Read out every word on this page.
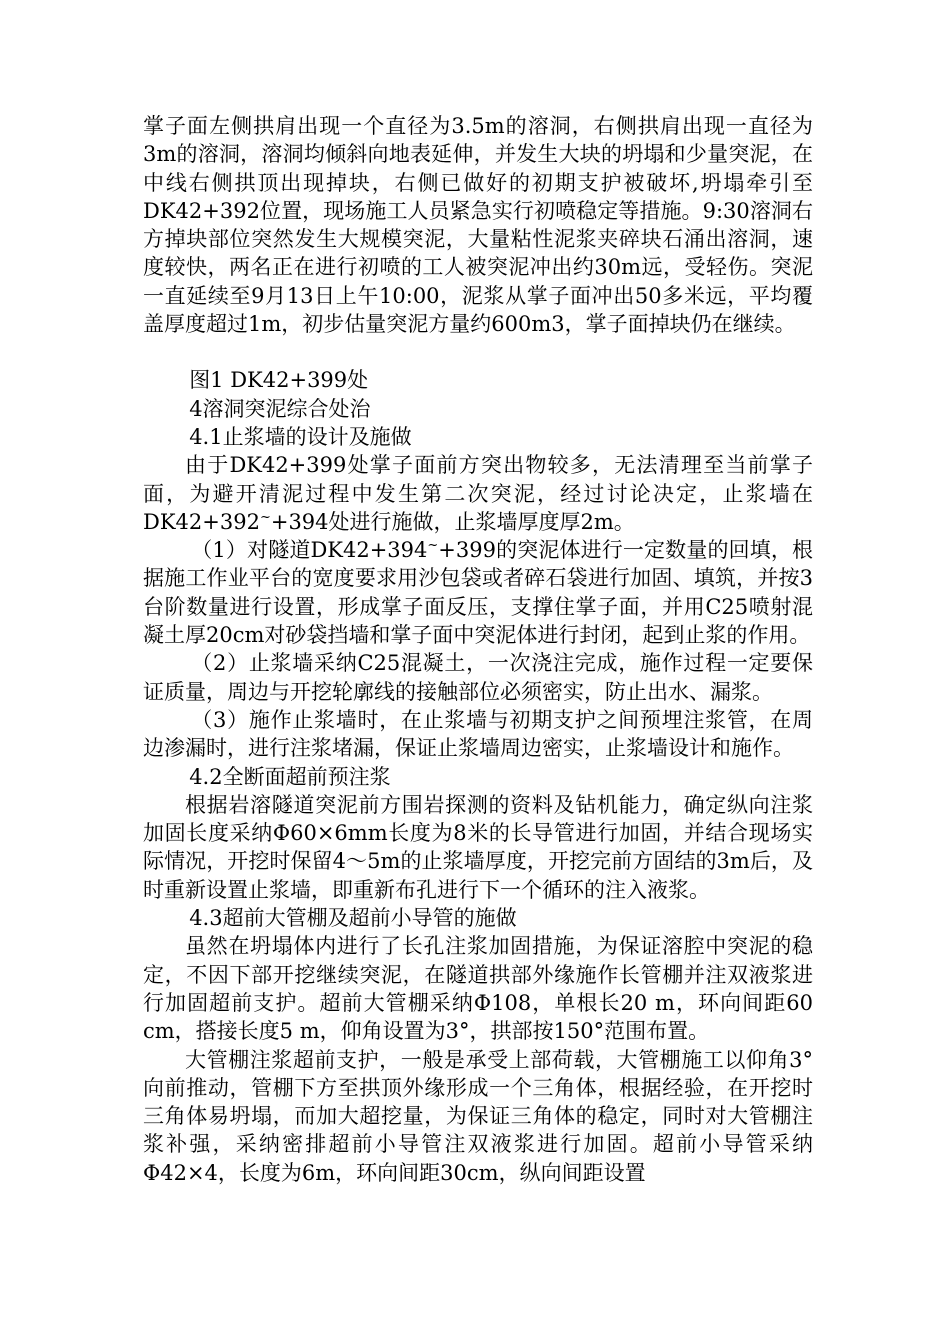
掌子面左侧拱肩出现一个直径为3.5m的溶洞，右侧拱肩出现一直径为3m的溶洞，溶洞均倾斜向地表延伸，并发生大块的坍塌和少量突泥，在中线右侧拱顶出现掉块，右侧已做好的初期支护被破坏,坍塌牵引至DK42+392位置，现场施工人员紧急实行初喷稳定等措施。9:30溶洞右方掉块部位突然发生大规模突泥，大量粘性泥浆夹碎块石涌出溶洞，速度较快，两名正在进行初喷的工人被突泥冲出约30m远，受轻伤。突泥一直延续至9月13日上午10:00，泥浆从掌子面冲出50多米远，平均覆盖厚度超过1m，初步估量突泥方量约600m3，掌子面掉块仍在继续。

图1 DK42+399处

4溶洞突泥综合处治

4.1止浆墙的设计及施做

由于DK42+399处掌子面前方突出物较多，无法清理至当前掌子面，为避开清泥过程中发生第二次突泥，经过讨论决定，止浆墙在DK42+392~+394处进行施做，止浆墙厚度厚2m。

（1）对隧道DK42+394~+399的突泥体进行一定数量的回填，根据施工作业平台的宽度要求用沙包袋或者碎石袋进行加固、填筑，并按3台阶数量进行设置，形成掌子面反压，支撑住掌子面，并用C25喷射混凝土厚20cm对砂袋挡墙和掌子面中突泥体进行封闭，起到止浆的作用。

（2）止浆墙采纳C25混凝土，一次浇注完成，施作过程一定要保证质量，周边与开挖轮廓线的接触部位必须密实，防止出水、漏浆。

（3）施作止浆墙时，在止浆墙与初期支护之间预埋注浆管，在周边渗漏时，进行注浆堵漏，保证止浆墙周边密实，止浆墙设计和施作。

4.2全断面超前预注浆

根据岩溶隧道突泥前方围岩探测的资料及钻机能力，确定纵向注浆加固长度采纳Φ60×6mm长度为8米的长导管进行加固，并结合现场实际情况，开挖时保留4～5m的止浆墙厚度，开挖完前方固结的3m后，及时重新设置止浆墙，即重新布孔进行下一个循环的注入液浆。

4.3超前大管棚及超前小导管的施做

虽然在坍塌体内进行了长孔注浆加固措施，为保证溶腔中突泥的稳定，不因下部开挖继续突泥，在隧道拱部外缘施作长管棚并注双液浆进行加固超前支护。超前大管棚采纳Φ108，单根长20 m，环向间距60 cm，搭接长度5 m，仰角设置为3°，拱部按150°范围布置。

大管棚注浆超前支护，一般是承受上部荷载，大管棚施工以仰角3°向前推动，管棚下方至拱顶外缘形成一个三角体，根据经验，在开挖时三角体易坍塌，而加大超挖量，为保证三角体的稳定，同时对大管棚注浆补强，采纳密排超前小导管注双液浆进行加固。超前小导管采纳Φ42×4，长度为6m，环向间距30cm，纵向间距设置
